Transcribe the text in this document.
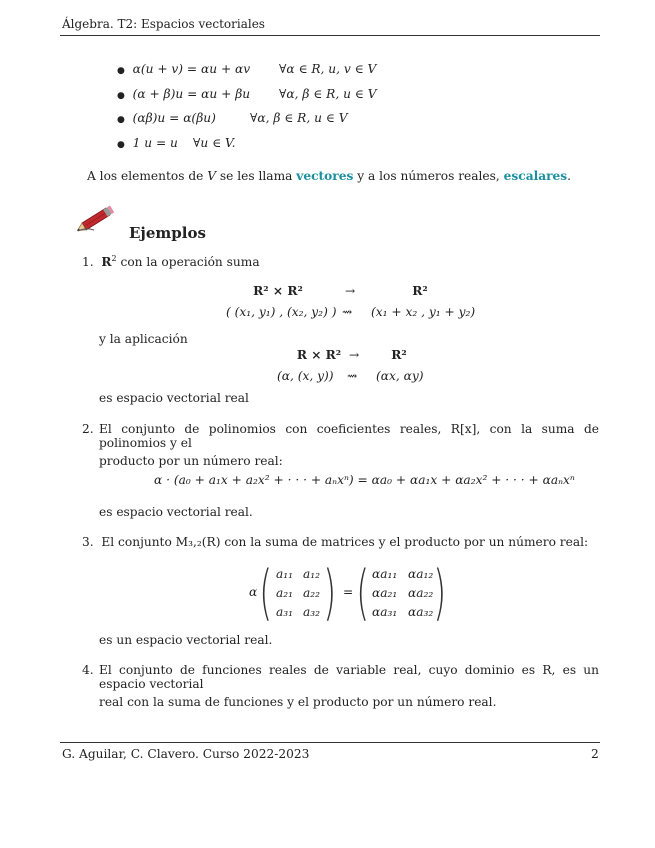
Álgebra. T2: Espacios vectoriales
● α(u + v) = αu + αv ∀α ∈ R, u, v ∈ V
● (α + β)u = αu + βu ∀α, β ∈ R, u ∈ V
● (αβ)u = α(βu)	∀α, β ∈ R, u ∈ V
● 1 u = u ∀u ∈ V.
A los elementos de V se les llama vectores y a los números reales, escalares.
Ejemplos
1. $R^2$ con la operación suma
R² × R²	→	R²
( (x₁, y₁) , (x₂, y₂) ) ⇝ (x₁ + x₂ , y₁ + y₂)
y la aplicación
R × R² →	R²
(α, (x, y)) ⇝ (αx, αy)
es espacio vectorial real
2. El conjunto de polinomios con coeficientes reales, R[x], con la suma de polinomios y el
producto por un número real:
α · (a₀ + a₁x + a₂x² + · · · + aₙxⁿ) = αa₀ + αa₁x + αa₂x² + · · · + αaₙxⁿ
es espacio vectorial real.
3. El conjunto M₃,₂(R) con la suma de matrices y el producto por un número real:
α ( )
a₁₁ a₁₂
a₂₁ a₂₂
a₃₁ a₃₂
= ( )
αa₁₁ αa₁₂
αa₂₁ αa₂₂
αa₃₁ αa₃₂
es un espacio vectorial real.
4. El conjunto de funciones reales de variable real, cuyo dominio es R, es un espacio vectorial
real con la suma de funciones y el producto por un número real.
G. Aguilar, C. Clavero. Curso 2022-2023	2
